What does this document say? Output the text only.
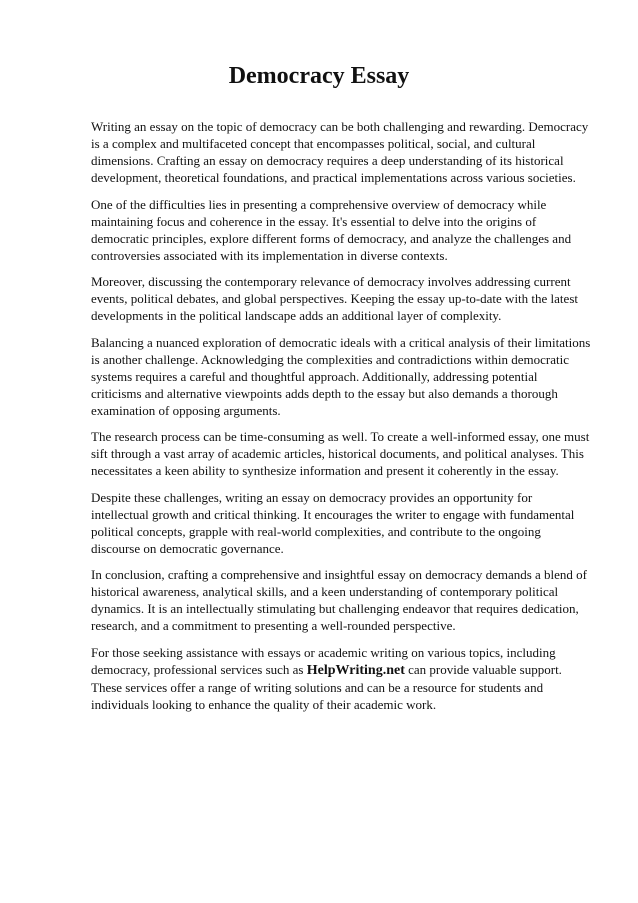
Democracy Essay

Writing an essay on the topic of democracy can be both challenging and rewarding. Democracy is a complex and multifaceted concept that encompasses political, social, and cultural dimensions. Crafting an essay on democracy requires a deep understanding of its historical development, theoretical foundations, and practical implementations across various societies.

One of the difficulties lies in presenting a comprehensive overview of democracy while maintaining focus and coherence in the essay. It's essential to delve into the origins of democratic principles, explore different forms of democracy, and analyze the challenges and controversies associated with its implementation in diverse contexts.

Moreover, discussing the contemporary relevance of democracy involves addressing current events, political debates, and global perspectives. Keeping the essay up-to-date with the latest developments in the political landscape adds an additional layer of complexity.

Balancing a nuanced exploration of democratic ideals with a critical analysis of their limitations is another challenge. Acknowledging the complexities and contradictions within democratic systems requires a careful and thoughtful approach. Additionally, addressing potential criticisms and alternative viewpoints adds depth to the essay but also demands a thorough examination of opposing arguments.

The research process can be time-consuming as well. To create a well-informed essay, one must sift through a vast array of academic articles, historical documents, and political analyses. This necessitates a keen ability to synthesize information and present it coherently in the essay.

Despite these challenges, writing an essay on democracy provides an opportunity for intellectual growth and critical thinking. It encourages the writer to engage with fundamental political concepts, grapple with real-world complexities, and contribute to the ongoing discourse on democratic governance.

In conclusion, crafting a comprehensive and insightful essay on democracy demands a blend of historical awareness, analytical skills, and a keen understanding of contemporary political dynamics. It is an intellectually stimulating but challenging endeavor that requires dedication, research, and a commitment to presenting a well-rounded perspective.

For those seeking assistance with essays or academic writing on various topics, including democracy, professional services such as HelpWriting.net can provide valuable support. These services offer a range of writing solutions and can be a resource for students and individuals looking to enhance the quality of their academic work.
